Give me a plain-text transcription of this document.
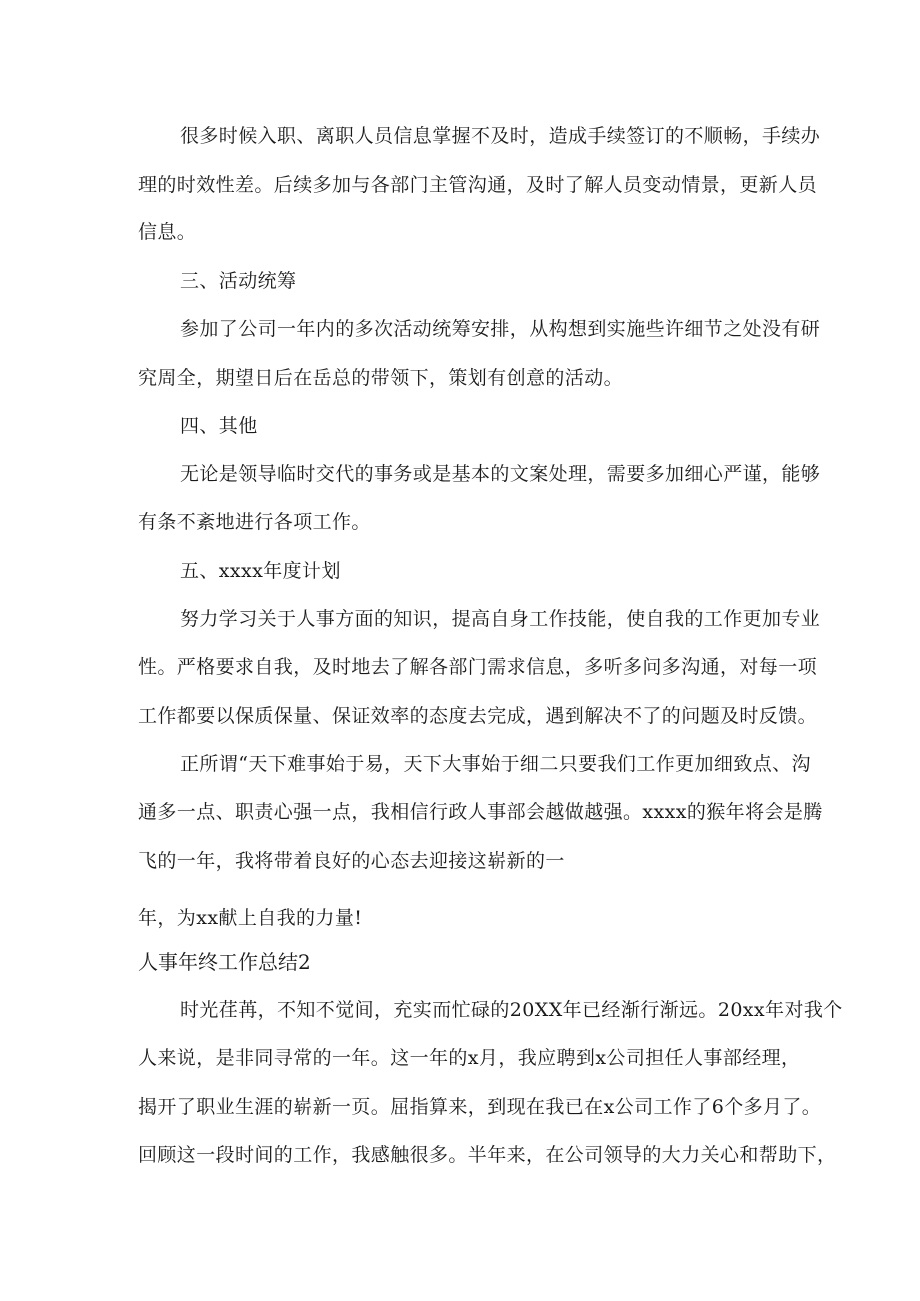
很多时候入职、离职人员信息掌握不及时，造成手续签订的不顺畅，手续办
理的时效性差。后续多加与各部门主管沟通，及时了解人员变动情景，更新人员
信息。
三、活动统筹
参加了公司一年内的多次活动统筹安排，从构想到实施些许细节之处没有研
究周全，期望日后在岳总的带领下，策划有创意的活动。
四、其他
无论是领导临时交代的事务或是基本的文案处理，需要多加细心严谨，能够
有条不紊地进行各项工作。
五、xxxx年度计划
努力学习关于人事方面的知识，提高自身工作技能，使自我的工作更加专业
性。严格要求自我，及时地去了解各部门需求信息，多听多问多沟通，对每一项
工作都要以保质保量、保证效率的态度去完成，遇到解决不了的问题及时反馈。
正所谓“天下难事始于易，天下大事始于细二只要我们工作更加细致点、沟
通多一点、职责心强一点，我相信行政人事部会越做越强。xxxx的猴年将会是腾
飞的一年，我将带着良好的心态去迎接这崭新的一
年，为xx献上自我的力量!
人事年终工作总结2
时光荏苒，不知不觉间，充实而忙碌的20XX年已经渐行渐远。20xx年对我个
人来说，是非同寻常的一年。这一年的x月，我应聘到x公司担任人事部经理，
揭开了职业生涯的崭新一页。屈指算来，到现在我已在x公司工作了6个多月了。
回顾这一段时间的工作，我感触很多。半年来，在公司领导的大力关心和帮助下，
